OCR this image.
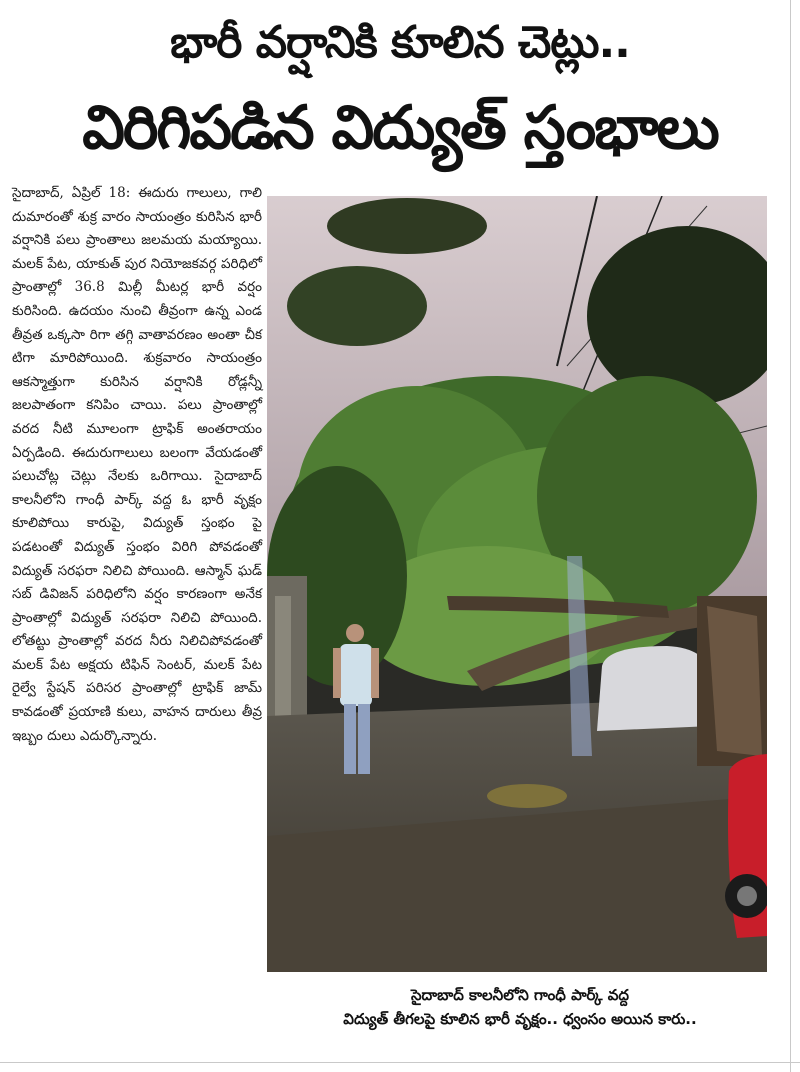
భారీ వర్షానికి కూలిన చెట్లు..
విరిగిపడిన విద్యుత్ స్తంభాలు
సైదాబాద్, ఏప్రిల్ 18: ఈదురు గాలులు, గాలి దుమారంతో శుక్ర వారం సాయంత్రం కురిసిన భారీ వర్షానికి పలు ప్రాంతాలు జలమయ మయ్యాయి. మలక్ పేట, యాకుత్ పుర నియోజకవర్గ పరిధిలో ప్రాంతాల్లో 36.8 మిల్లీ మీటర్ల భారీ వర్షం కురిసింది. ఉదయం నుంచి తీవ్రంగా ఉన్న ఎండ తీవ్రత ఒక్కసా రిగా తగ్గి వాతావరణం అంతా చీక టిగా మారిపోయింది. శుక్రవారం సాయంత్రం ఆకస్మాత్తుగా కురిసిన వర్షానికి రోడ్లన్నీ జలపాతంగా కనిపిం చాయి. పలు ప్రాంతాల్లో వరద నీటి మూలంగా ట్రాఫిక్ అంతరాయం ఏర్పడింది. ఈదురుగాలులు బలంగా వేయడంతో పలుచోట్ల చెట్లు నేలకు ఒరిగాయి. సైదాబాద్ కాలనీలోని గాంధీ పార్క్ వద్ద ఓ భారీ వృక్షం కూలిపోయి కారుపై, విద్యుత్ స్తంభం పై పడటంతో విద్యుత్ స్తంభం విరిగి పోవడంతో విద్యుత్ సరఫరా నిలిచి పోయింది. ఆస్మాన్ ఘడ్ సబ్ డివిజన్ పరిధిలోని వర్షం కారణంగా అనేక ప్రాంతాల్లో విద్యుత్ సరఫరా నిలిచి పోయింది. లోతట్టు ప్రాంతాల్లో వరద నీరు నిలిచిపోవడంతో మలక్ పేట అక్షయ టిఫిన్ సెంటర్, మలక్ పేట రైల్వే స్టేషన్ పరిసర ప్రాంతాల్లో ట్రాఫిక్ జామ్ కావడంతో ప్రయాణి కులు, వాహన దారులు తీవ్ర ఇబ్బం దులు ఎదుర్కొన్నారు.
సైదాబాద్ కాలనీలోని గాంధీ పార్క్ వద్ద
విద్యుత్ తీగలపై కూలిన భారీ వృక్షం.. ధ్వంసం అయిన కారు..
